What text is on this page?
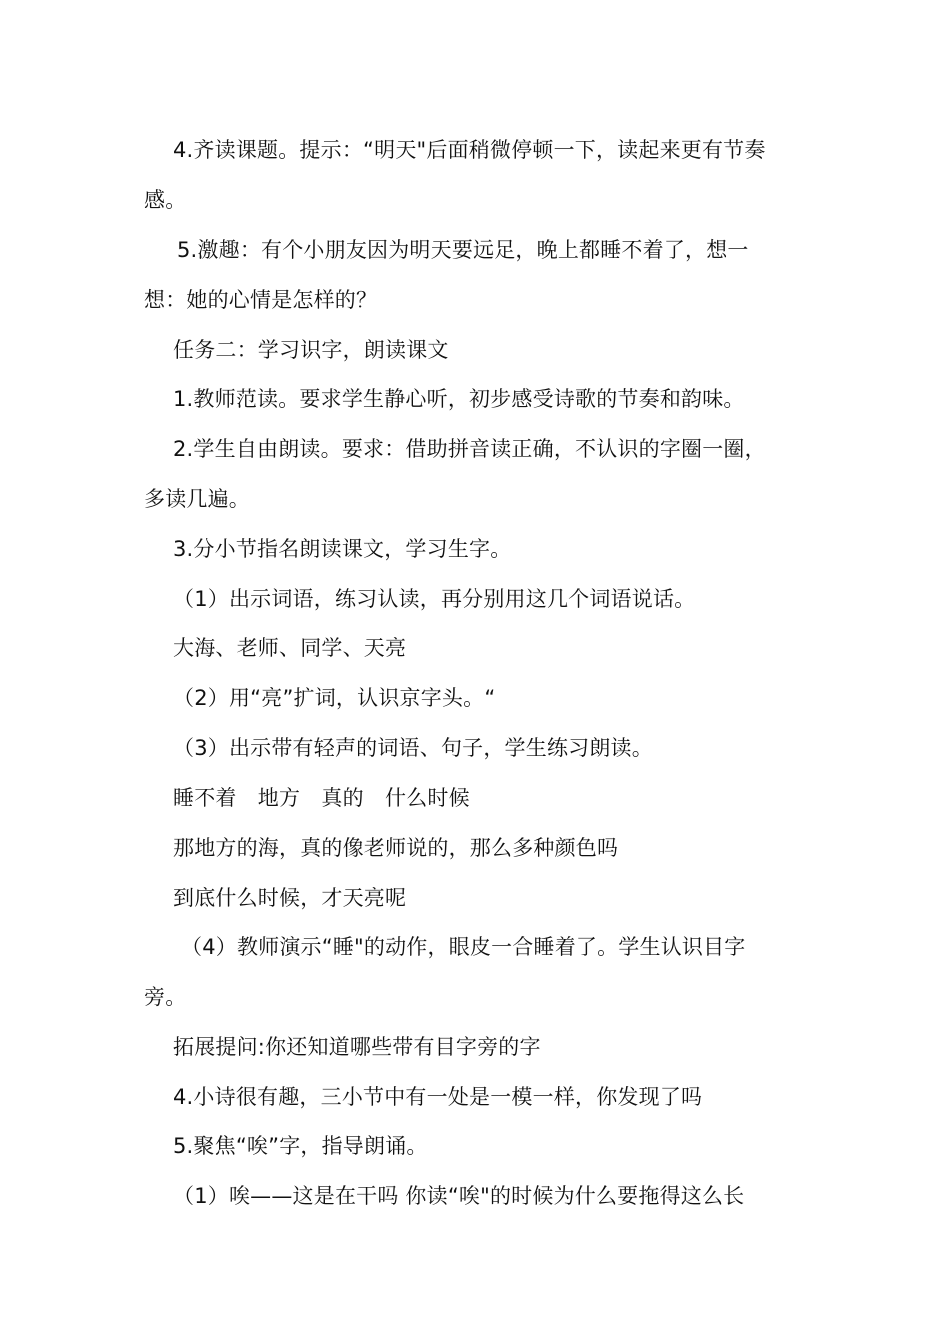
4.齐读课题。提示：“明天"后面稍微停顿一下，读起来更有节奏
感。
5.激趣：有个小朋友因为明天要远足，晚上都睡不着了，想一
想：她的心情是怎样的？
任务二：学习识字，朗读课文
1.教师范读。要求学生静心听，初步感受诗歌的节奏和韵味。
2.学生自由朗读。要求：借助拼音读正确，不认识的字圈一圈，
多读几遍。
3.分小节指名朗读课文，学习生字。
（1）出示词语，练习认读，再分别用这几个词语说话。
大海、老师、同学、天亮
（2）用“亮”扩词，认识京字头。“
（3）出示带有轻声的词语、句子，学生练习朗读。
睡不着　地方　真的　什么时候
那地方的海，真的像老师说的，那么多种颜色吗
到底什么时候，才天亮呢
（4）教师演示“睡"的动作，眼皮一合睡着了。学生认识目字
旁。
拓展提问:你还知道哪些带有目字旁的字
4.小诗很有趣，三小节中有一处是一模一样，你发现了吗
5.聚焦“唉”字，指导朗诵。
（1）唉——这是在干吗 你读“唉"的时候为什么要拖得这么长
